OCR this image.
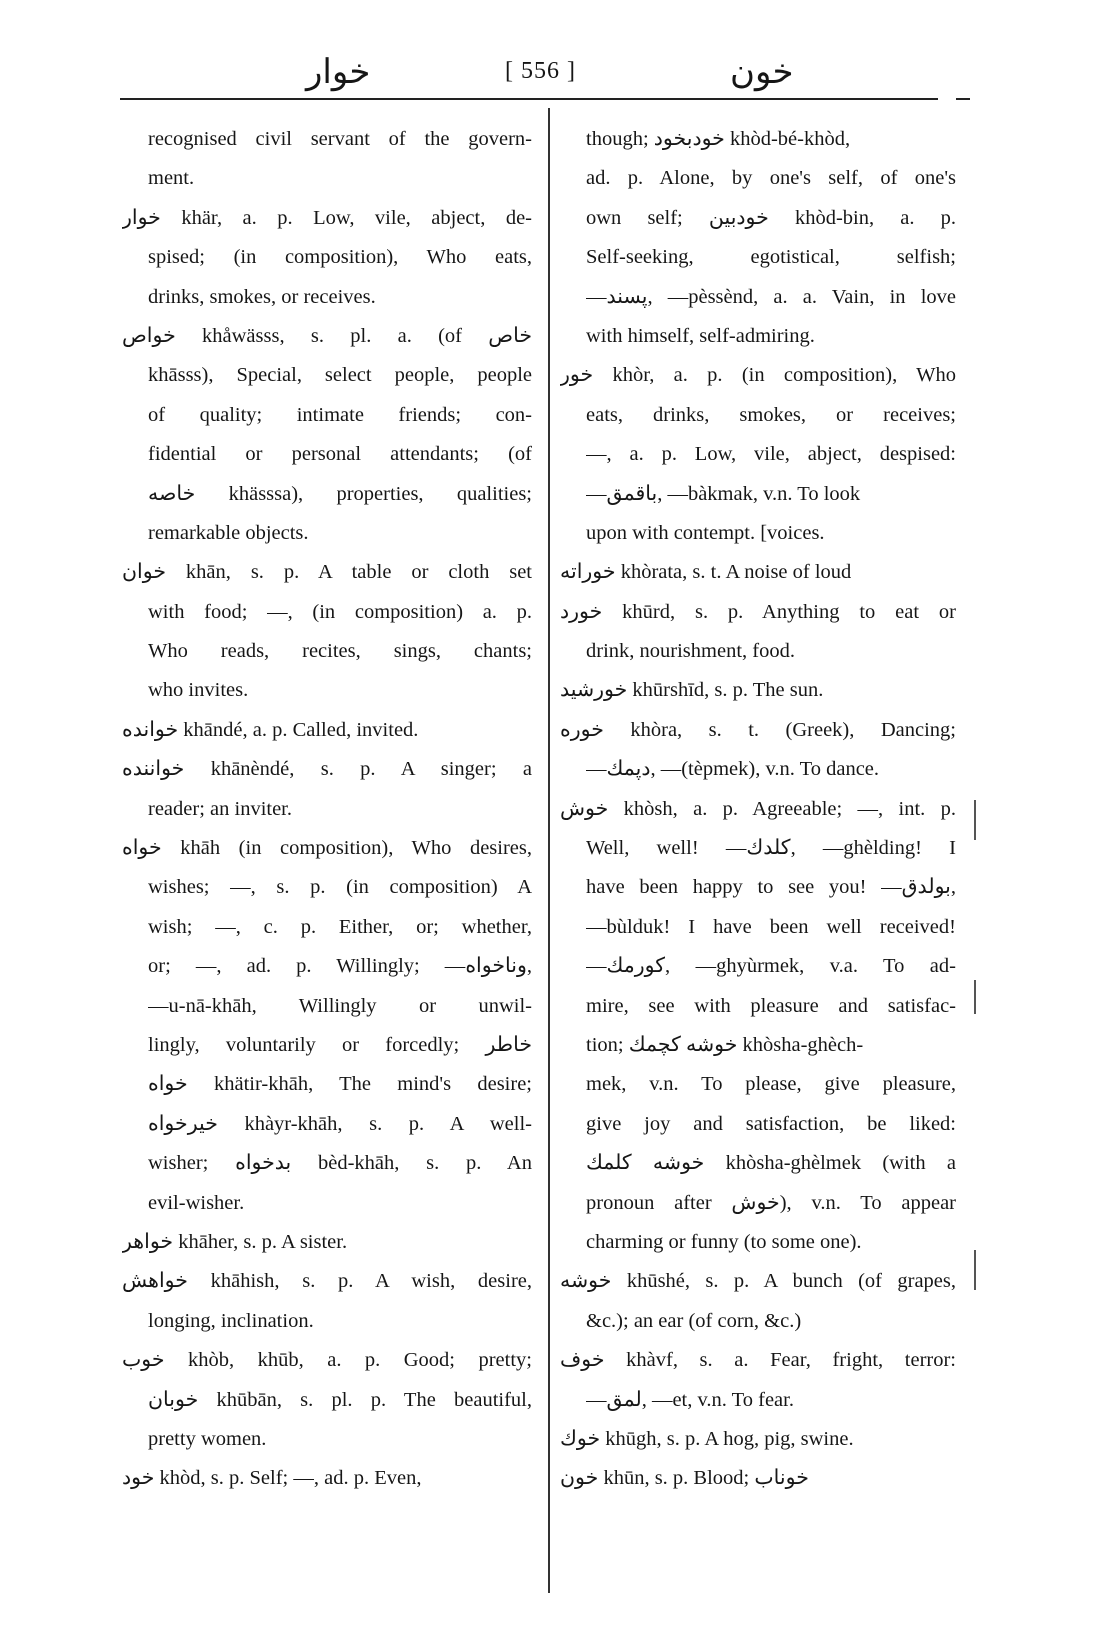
خوار	[ 556 ]	خون
recognised civil servant of the govern-
ment.
خوار khär, a. p. Low, vile, abject, de-
spised; (in composition), Who eats,
drinks, smokes, or receives.
خواص khåwässs, s. pl. a. (of خاص
khāsss), Special, select people, people
of quality; intimate friends; con-
fidential or personal attendants; (of
خاصه khässsa), properties, qualities;
remarkable objects.
خوان khān, s. p. A table or cloth set
with food; —, (in composition) a. p.
Who reads, recites, sings, chants;
who invites.
خوانده khāndé, a. p. Called, invited.
خواننده khānèndé, s. p. A singer; a
reader; an inviter.
خواه khāh (in composition), Who desires,
wishes; —, s. p. (in composition) A
wish; —, c. p. Either, or; whether,
or; —, ad. p. Willingly; —وناخواه,
—u-nā-khāh, Willingly or unwil-
lingly, voluntarily or forcedly; خاطر
خواه khätir-khāh, The mind's desire;
خیرخواه khàyr-khāh, s. p. A well-
wisher; بدخواه bèd-khāh, s. p. An
evil-wisher.
خواهر khāher, s. p. A sister.
خواهش khāhish, s. p. A wish, desire,
longing, inclination.
خوب khòb, khūb, a. p. Good; pretty;
خوبان khūbān, s. pl. p. The beautiful,
pretty women.
خود khòd, s. p. Self; —, ad. p. Even,
though; خودبخود khòd-bé-khòd,
ad. p. Alone, by one's self, of one's
own self; خودبین khòd-bin, a. p.
Self-seeking, egotistical, selfish;
—پسند, —pèssènd, a. a. Vain, in love
with himself, self-admiring.
خور khòr, a. p. (in composition), Who
eats, drinks, smokes, or receives;
—, a. p. Low, vile, abject, despised:
—باقمق, —bàkmak, v.n. To look
upon with contempt. [voices.
خوراته khòrata, s. t. A noise of loud
خورد khūrd, s. p. Anything to eat or
drink, nourishment, food.
خورشید khūrshīd, s. p. The sun.
خوره khòra, s. t. (Greek), Dancing;
—دپمك, —(tèpmek), v.n. To dance.
خوش khòsh, a. p. Agreeable; —, int. p.
Well, well! —كلدك, —ghèlding! I
have been happy to see you! —بولدق,
—bùlduk! I have been well received!
—كورمك, —ghyùrmek, v.a. To ad-
mire, see with pleasure and satisfac-
tion; خوشه كچمك khòsha-ghèch-
mek, v.n. To please, give pleasure,
give joy and satisfaction, be liked:
خوشه كلمك khòsha-ghèlmek (with a
pronoun after خوش), v.n. To appear
charming or funny (to some one).
خوشه khūshé, s. p. A bunch (of grapes,
&c.); an ear (of corn, &c.)
خوف khàvf, s. a. Fear, fright, terror:
—لمق, —et, v.n. To fear.
خوك khūgh, s. p. A hog, pig, swine.
خون khūn, s. p. Blood; خوناب
